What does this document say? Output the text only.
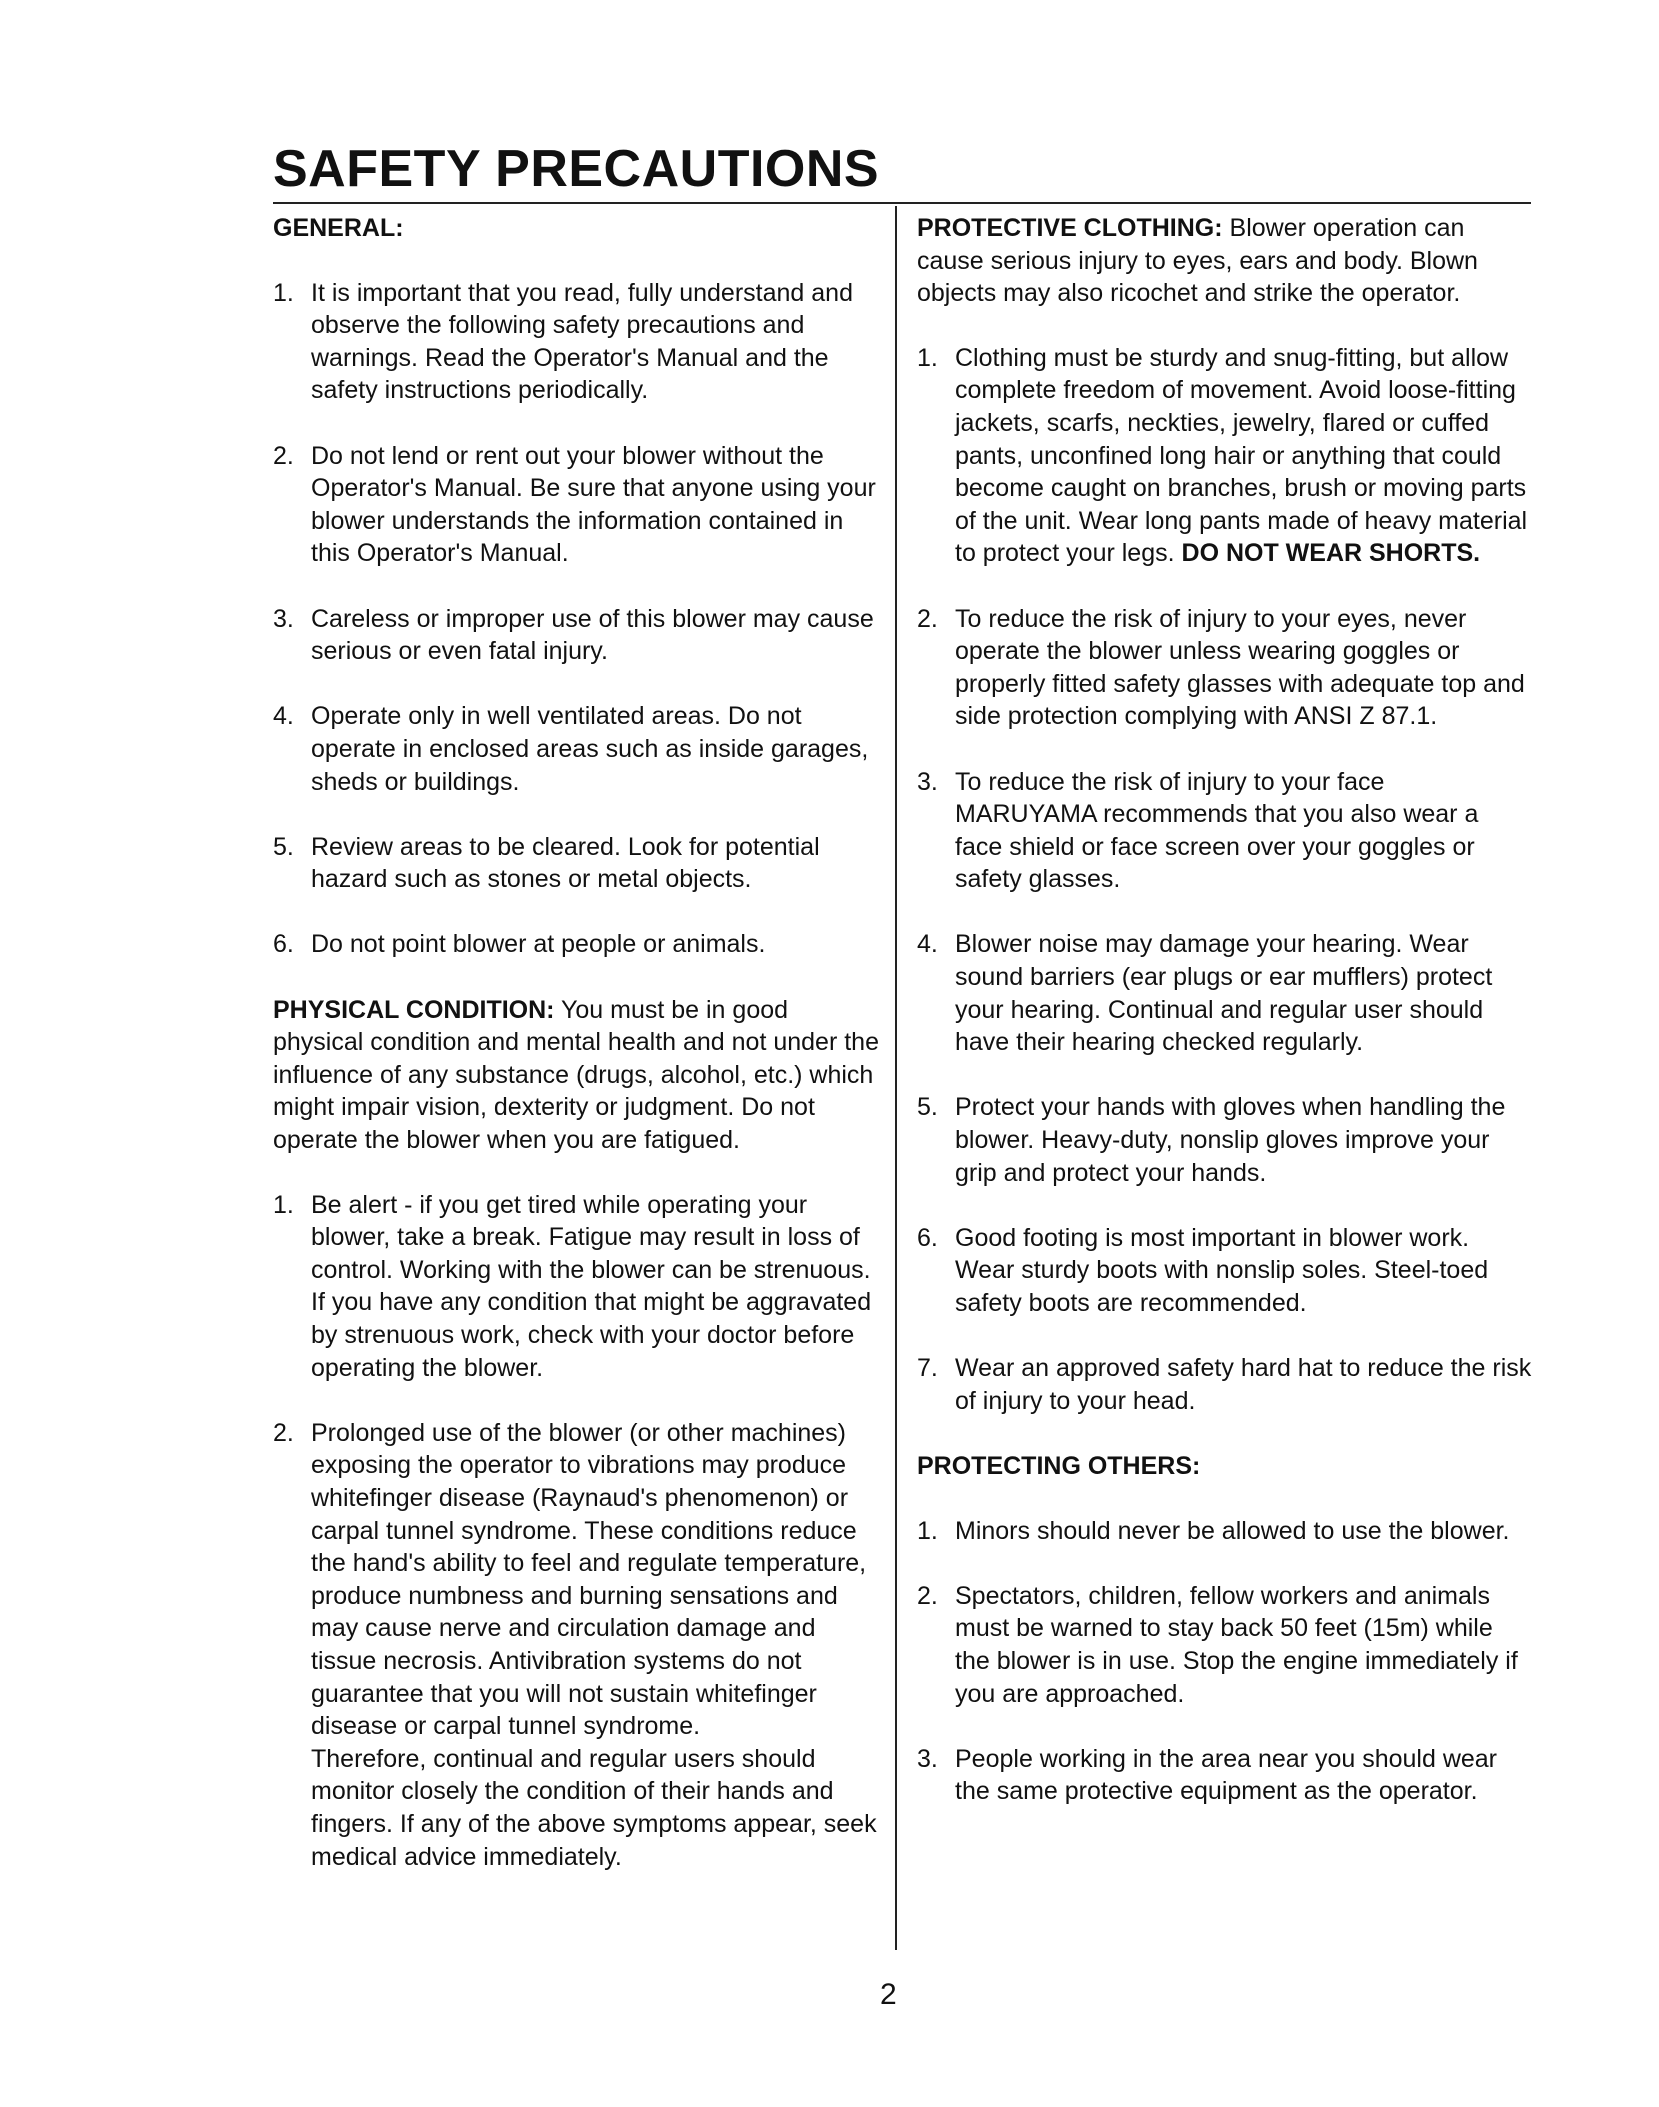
SAFETY PRECAUTIONS
GENERAL:
1. It is important that you read, fully understand and observe the following safety precautions and warnings. Read the Operator's Manual and the safety instructions periodically.
2. Do not lend or rent out your blower without the Operator's Manual. Be sure that anyone using your blower understands the information contained in this Operator's Manual.
3. Careless or improper use of this blower may cause serious or even fatal injury.
4. Operate only in well ventilated areas. Do not operate in enclosed areas such as inside garages, sheds or buildings.
5. Review areas to be cleared. Look for potential hazard such as stones or metal objects.
6. Do not point blower at people or animals.

PHYSICAL CONDITION: You must be in good physical condition and mental health and not under the influence of any substance (drugs, alcohol, etc.) which might impair vision, dexterity or judgment. Do not operate the blower when you are fatigued.

1. Be alert - if you get tired while operating your blower, take a break. Fatigue may result in loss of control. Working with the blower can be strenuous. If you have any condition that might be aggravated by strenuous work, check with your doctor before operating the blower.
2. Prolonged use of the blower (or other machines) exposing the operator to vibrations may produce whitefinger disease (Raynaud's phenomenon) or carpal tunnel syndrome. These conditions reduce the hand's ability to feel and regulate temperature, produce numbness and burning sensations and may cause nerve and circulation damage and tissue necrosis. Antivibration systems do not guarantee that you will not sustain whitefinger disease or carpal tunnel syndrome.
Therefore, continual and regular users should monitor closely the condition of their hands and fingers. If any of the above symptoms appear, seek medical advice immediately.

PROTECTIVE CLOTHING: Blower operation can cause serious injury to eyes, ears and body. Blown objects may also ricochet and strike the operator.

1. Clothing must be sturdy and snug-fitting, but allow complete freedom of movement. Avoid loose-fitting jackets, scarfs, neckties, jewelry, flared or cuffed pants, unconfined long hair or anything that could become caught on branches, brush or moving parts of the unit. Wear long pants made of heavy material to protect your legs. DO NOT WEAR SHORTS.
2. To reduce the risk of injury to your eyes, never operate the blower unless wearing goggles or properly fitted safety glasses with adequate top and side protection complying with ANSI Z 87.1.
3. To reduce the risk of injury to your face MARUYAMA recommends that you also wear a face shield or face screen over your goggles or safety glasses.
4. Blower noise may damage your hearing. Wear sound barriers (ear plugs or ear mufflers) protect your hearing. Continual and regular user should have their hearing checked regularly.
5. Protect your hands with gloves when handling the blower. Heavy-duty, nonslip gloves improve your grip and protect your hands.
6. Good footing is most important in blower work. Wear sturdy boots with nonslip soles. Steel-toed safety boots are recommended.
7. Wear an approved safety hard hat to reduce the risk of injury to your head.
PROTECTING OTHERS:
1. Minors should never be allowed to use the blower.
2. Spectators, children, fellow workers and animals must be warned to stay back 50 feet (15m) while the blower is in use. Stop the engine immediately if you are approached.
3. People working in the area near you should wear the same protective equipment as the operator.
2
